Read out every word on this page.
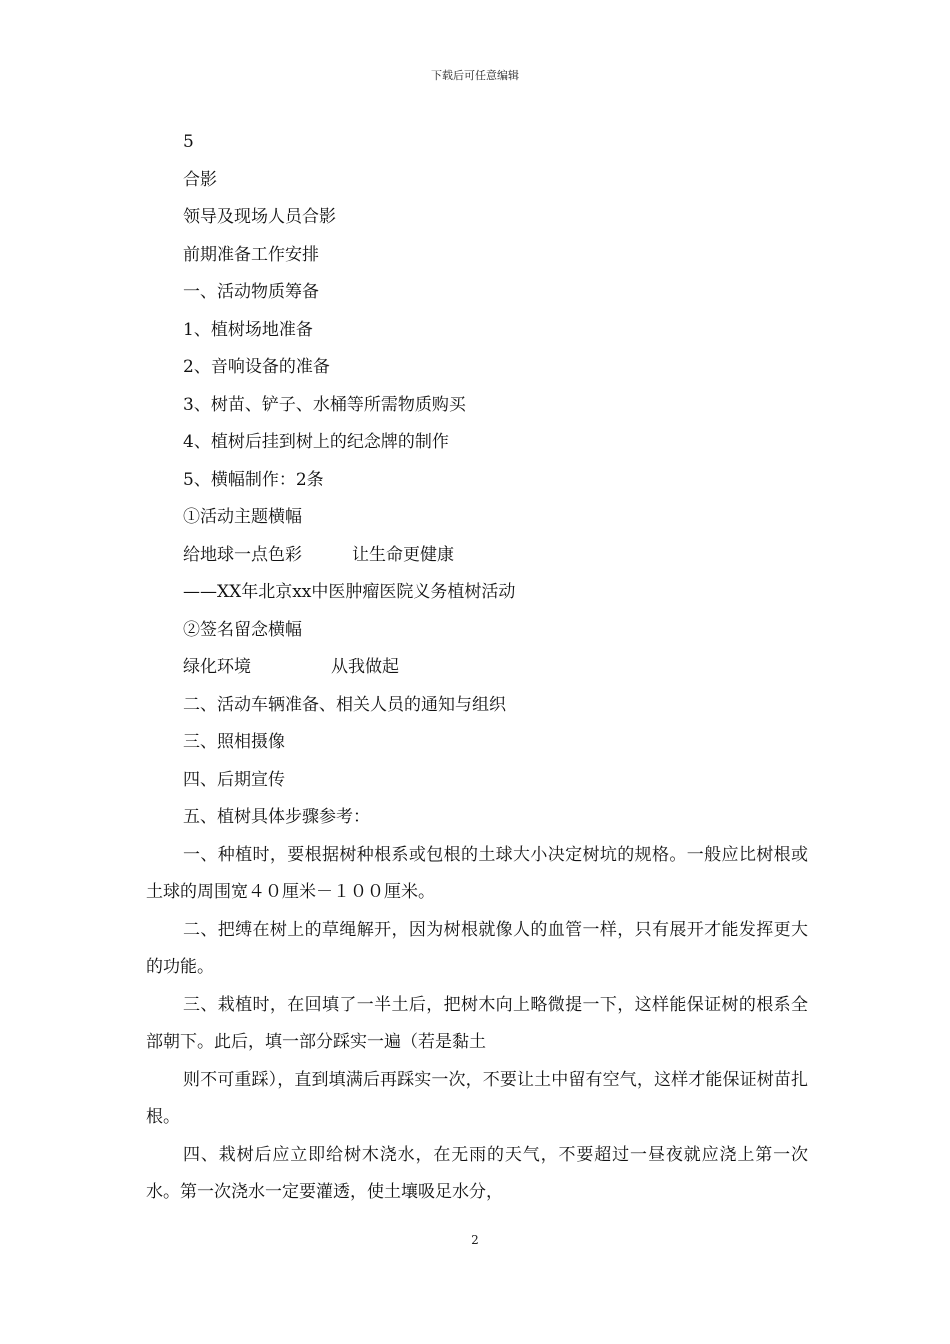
下载后可任意编辑
5
合影
领导及现场人员合影
前期准备工作安排
一、活动物质筹备
1、植树场地准备
2、音响设备的准备
3、树苗、铲子、水桶等所需物质购买
4、植树后挂到树上的纪念牌的制作
5、横幅制作：2条
①活动主题横幅
给地球一点色彩	让生命更健康
——XX年北京xx中医肿瘤医院义务植树活动
②签名留念横幅
绿化环境	从我做起
二、活动车辆准备、相关人员的通知与组织
三、照相摄像
四、后期宣传
五、植树具体步骤参考：
一、种植时，要根据树种根系或包根的土球大小决定树坑的规格。一般应比树根或土球的周围宽４０厘米－１００厘米。
二、把缚在树上的草绳解开，因为树根就像人的血管一样，只有展开才能发挥更大的功能。
三、栽植时，在回填了一半土后，把树木向上略微提一下，这样能保证树的根系全部朝下。此后，填一部分踩实一遍（若是黏土
则不可重踩），直到填满后再踩实一次，不要让土中留有空气，这样才能保证树苗扎根。
四、栽树后应立即给树木浇水，在无雨的天气，不要超过一昼夜就应浇上第一次水。第一次浇水一定要灌透，使土壤吸足水分，
2
